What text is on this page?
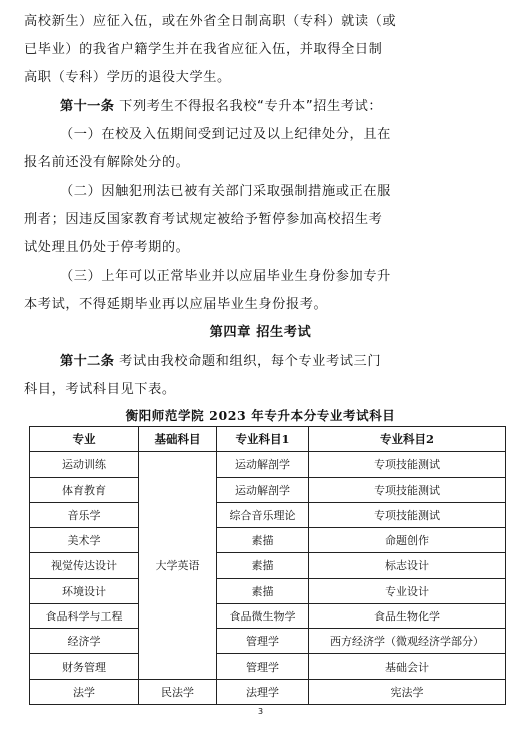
高校新生）应征入伍，或在外省全日制高职（专科）就读（或
已毕业）的我省户籍学生并在我省应征入伍，并取得全日制
高职（专科）学历的退役大学生。
第十一条 下列考生不得报名我校“专升本”招生考试：
（一）在校及入伍期间受到记过及以上纪律处分，且在
报名前还没有解除处分的。
（二）因触犯刑法已被有关部门采取强制措施或正在服
刑者；因违反国家教育考试规定被给予暂停参加高校招生考
试处理且仍处于停考期的。
（三）上年可以正常毕业并以应届毕业生身份参加专升
本考试，不得延期毕业再以应届毕业生身份报考。
第四章 招生考试
第十二条 考试由我校命题和组织，每个专业考试三门
科目，考试科目见下表。
衡阳师范学院 2023 年专升本分专业考试科目
专业	基础科目	专业科目1	专业科目2
运动训练	大学英语	运动解剖学	专项技能测试
体育教育		运动解剖学	专项技能测试
音乐学		综合音乐理论	专项技能测试
美术学		素描	命题创作
视觉传达设计		素描	标志设计
环境设计		素描	专业设计
食品科学与工程		食品微生物学	食品生物化学
经济学		管理学	西方经济学（微观经济学部分）
财务管理		管理学	基础会计
法学	民法学	法理学	宪法学
3
